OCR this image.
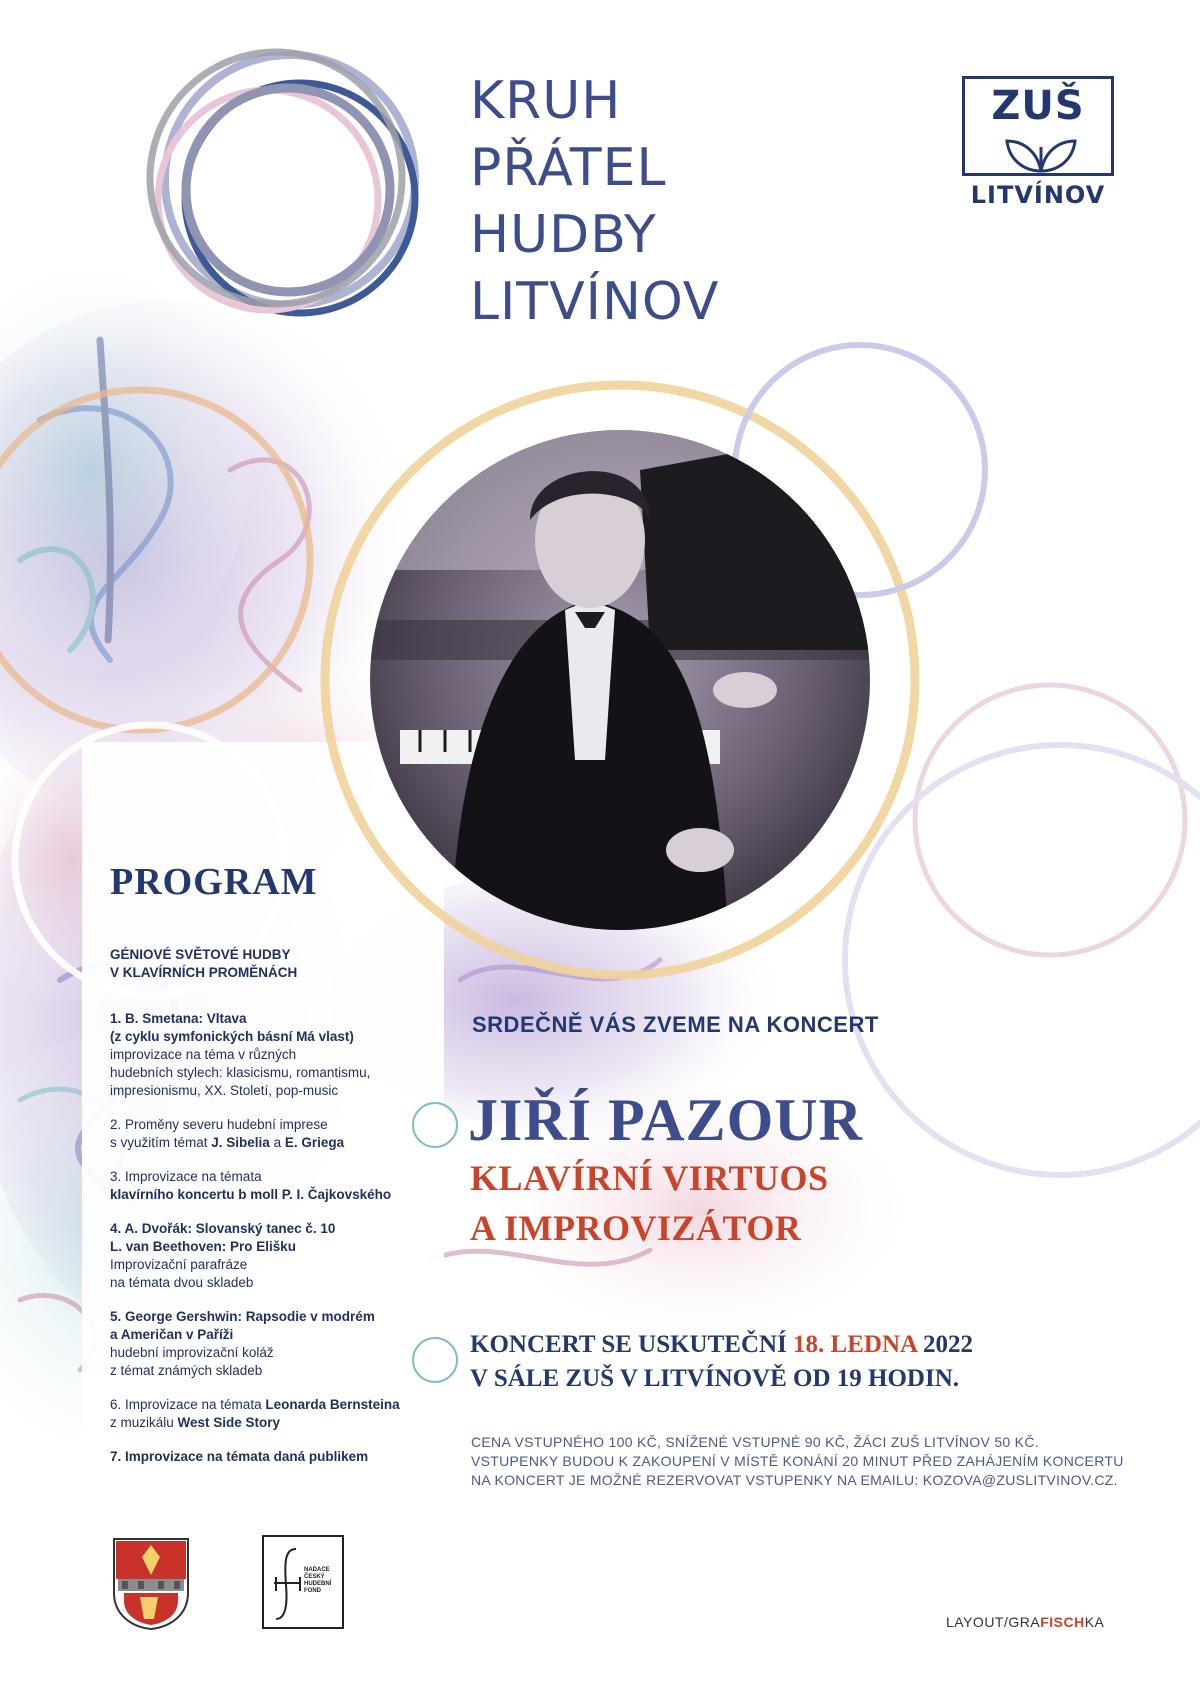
KRUH
PŘÁTEL
HUDBY
LITVÍNOV
ZUŠ
LITVÍNOV
PROGRAM
GÉNIOVÉ SVĚTOVÉ HUDBY
V KLAVÍRNÍCH PROMĚNÁCH
1. B. Smetana: Vltava
(z cyklu symfonických básní Má vlast)
improvizace na téma v různých
hudebních stylech: klasicismu, romantismu,
impresionismu, XX. Století, pop-music
2. Proměny severu hudební imprese
s využitím témat J. Sibelia a E. Griega
3. Improvizace na témata
klavírního koncertu b moll P. I. Čajkovského
4. A. Dvořák: Slovanský tanec č. 10
L. van Beethoven: Pro Elišku
Improvizační parafráze
na témata dvou skladeb
5. George Gershwin: Rapsodie v modrém
a Američan v Paříži
hudební improvizační koláž
z témat známých skladeb
6. Improvizace na témata Leonarda Bernsteina
z muzikálu West Side Story
7. Improvizace na témata daná publikem
SRDEČNĚ VÁS ZVEME NA KONCERT
JIŘÍ PAZOUR
KLAVÍRNÍ VIRTUOS
A IMPROVIZÁTOR
KONCERT SE USKUTEČNÍ 18. LEDNA 2022
V SÁLE ZUŠ V LITVÍNOVĚ OD 19 HODIN.
CENA VSTUPNÉHO 100 KČ, SNÍŽENÉ VSTUPNÉ 90 KČ, ŽÁCI ZUŠ LITVÍNOV 50 KČ.
VSTUPENKY BUDOU K ZAKOUPENÍ V MÍSTĚ KONÁNÍ 20 MINUT PŘED ZAHÁJENÍM KONCERTU
NA KONCERT JE MOŽNÉ REZERVOVAT VSTUPENKY NA EMAILU: KOZOVA@ZUSLITVINOV.CZ.
NADACE
ČESKÝ
HUDEBNÍ
FOND
LAYOUT/GRAFISCHKA
